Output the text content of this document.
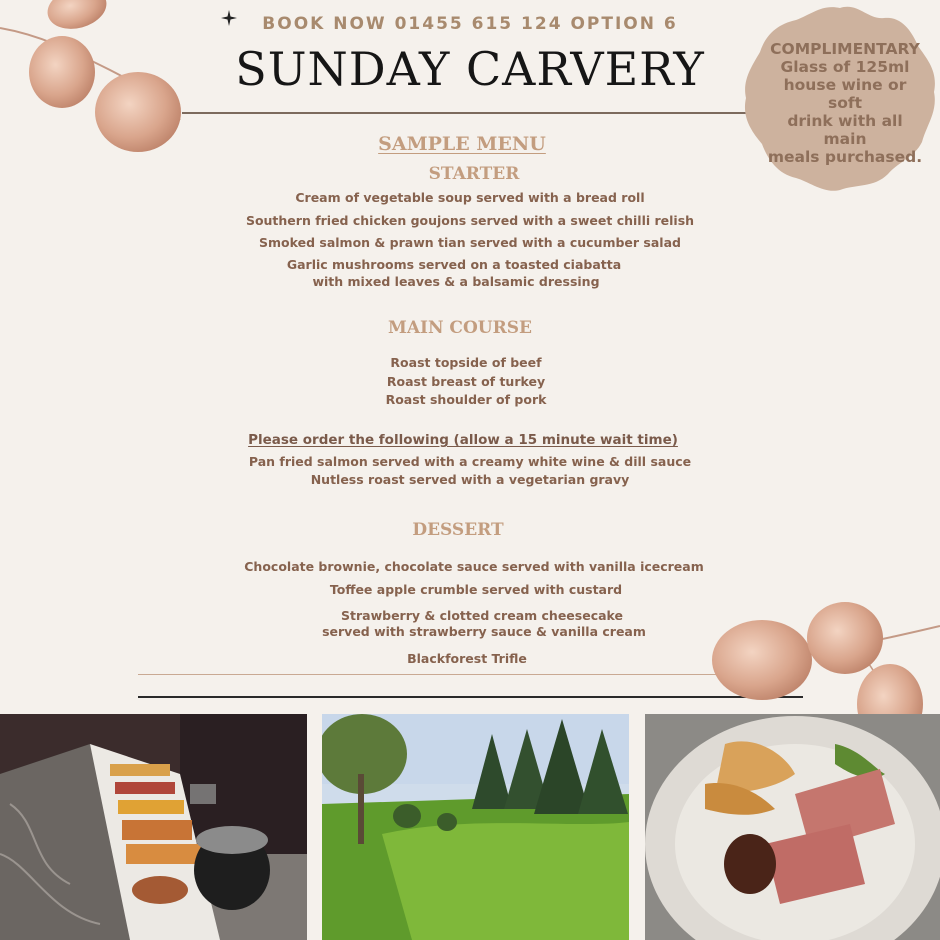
BOOK NOW 01455 615 124 OPTION 6
SUNDAY CARVERY	COMPLIMENTARY
Glass of 125ml
house wine or soft
drink with all main
meals purchased.
SAMPLE MENU
STARTER
Cream of vegetable soup served with a bread roll
Southern fried chicken goujons served with a sweet chilli relish
Smoked salmon & prawn tian served with a cucumber salad
Garlic mushrooms served on a toasted ciabatta
with mixed leaves & a balsamic dressing
MAIN COURSE
Roast topside of beef
Roast breast of turkey
Roast shoulder of pork
Please order the following (allow a 15 minute wait time)
Pan fried salmon served with a creamy white wine & dill sauce
Nutless roast served with a vegetarian gravy
DESSERT
Chocolate brownie, chocolate sauce served with vanilla icecream
Toffee apple crumble served with custard
Strawberry & clotted cream cheesecake
served with strawberry sauce & vanilla cream
Blackforest Trifle
